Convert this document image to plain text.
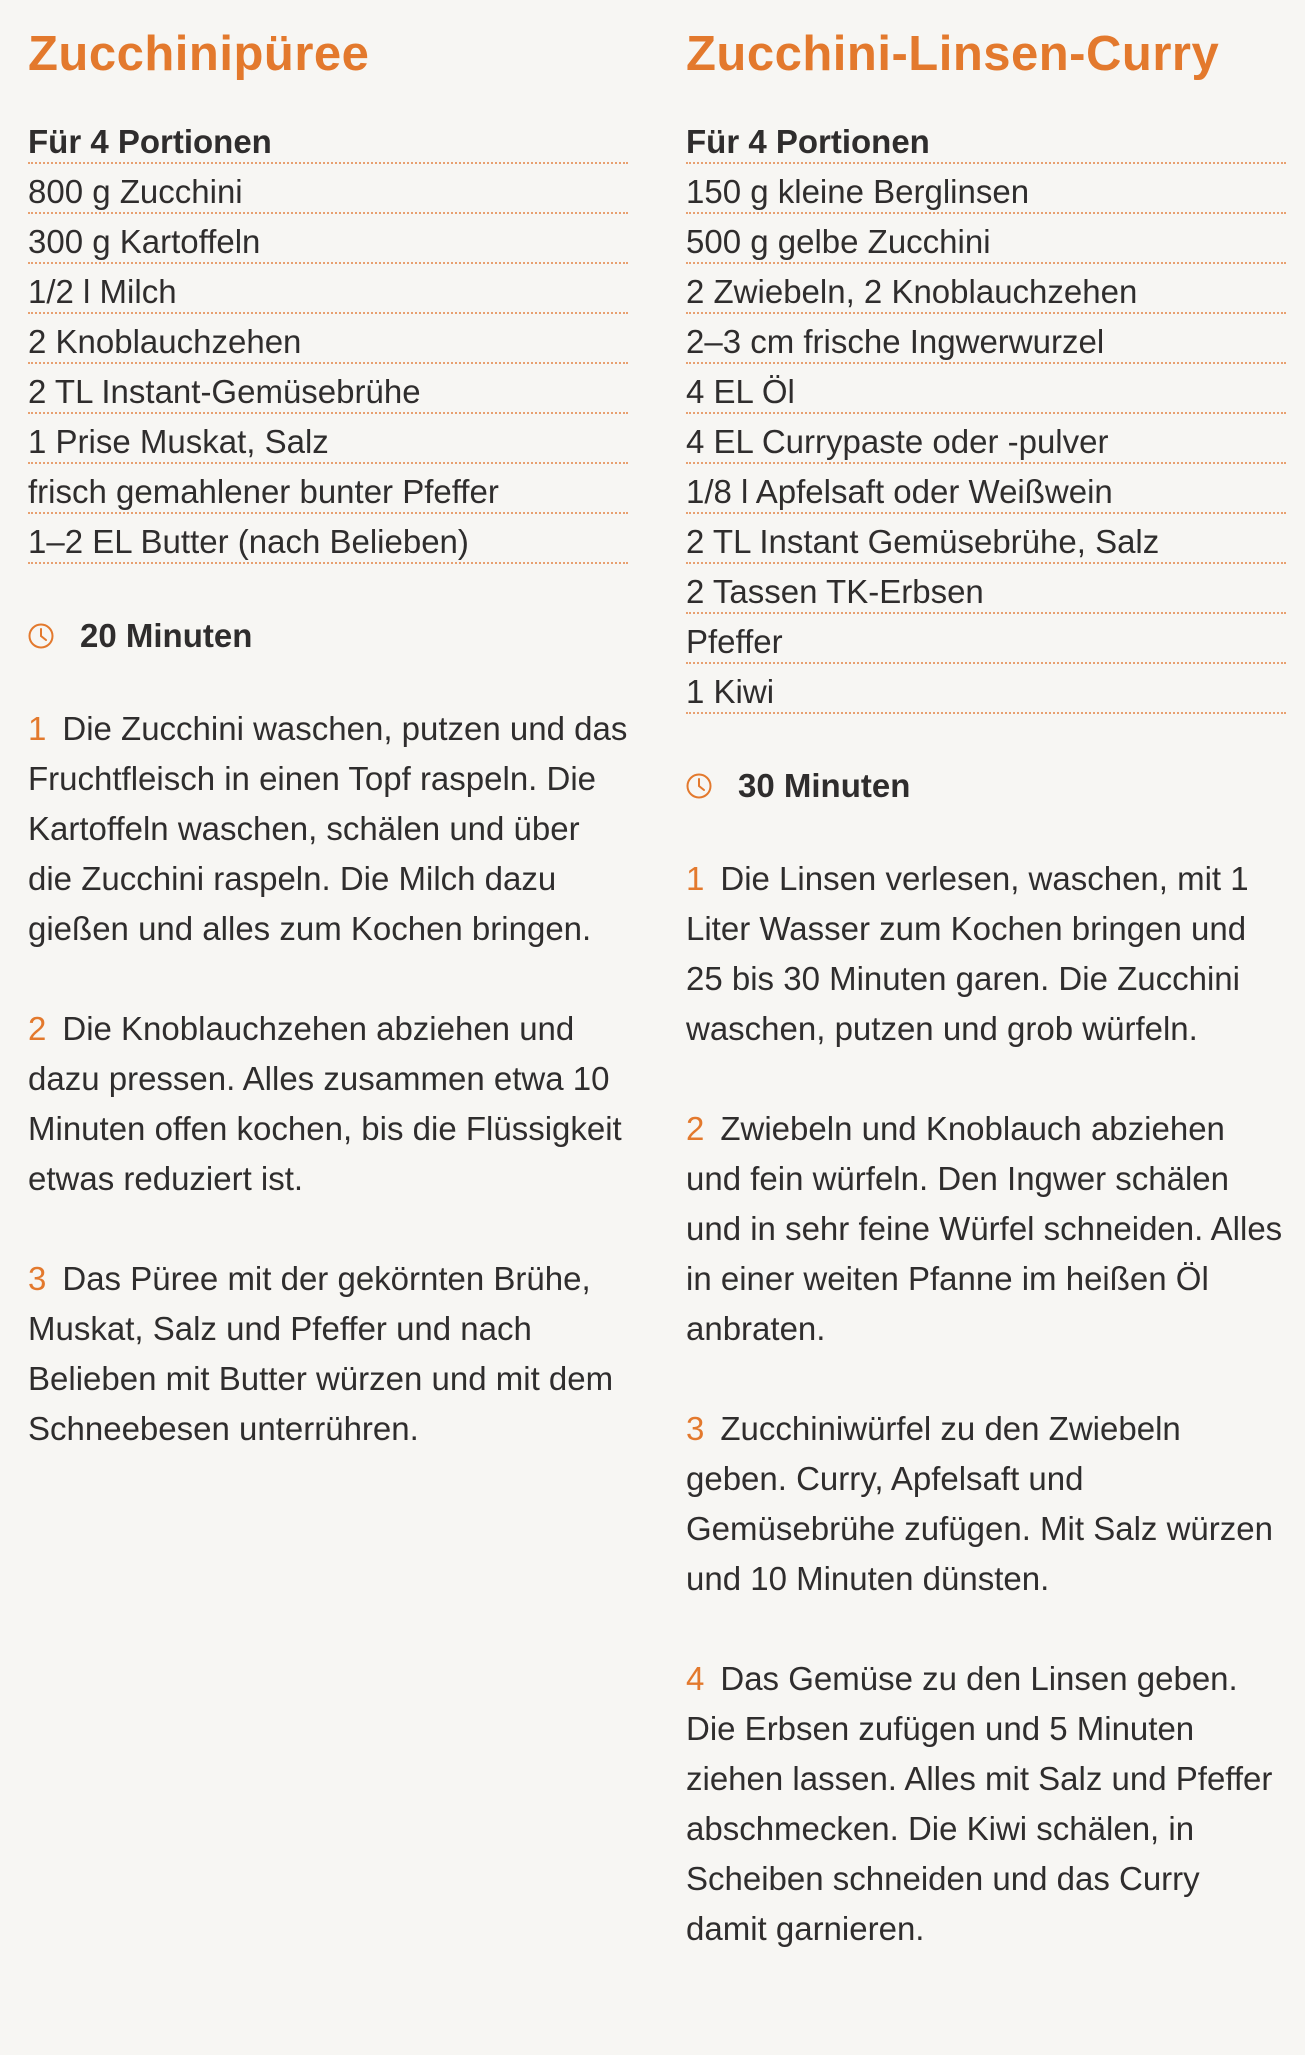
Zucchinipüree
Für 4 Portionen
800 g Zucchini
300 g Kartoffeln
1/2 l Milch
2 Knoblauchzehen
2 TL Instant-Gemüsebrühe
1 Prise Muskat, Salz
frisch gemahlener bunter Pfeffer
1–2 EL Butter (nach Belieben)
20 Minuten

1 Die Zucchini waschen, putzen und das Fruchtfleisch in einen Topf raspeln. Die Kartoffeln waschen, schälen und über die Zucchini raspeln. Die Milch dazu gießen und alles zum Kochen bringen.

2 Die Knoblauchzehen abziehen und dazu pressen. Alles zusammen etwa 10 Minuten offen kochen, bis die Flüssigkeit etwas reduziert ist.

3 Das Püree mit der gekörnten Brühe, Muskat, Salz und Pfeffer und nach Belieben mit Butter würzen und mit dem Schneebesen unterrühren.

Zucchini-Linsen-Curry
Für 4 Portionen
150 g kleine Berglinsen
500 g gelbe Zucchini
2 Zwiebeln, 2 Knoblauchzehen
2–3 cm frische Ingwerwurzel
4 EL Öl
4 EL Currypaste oder -pulver
1/8 l Apfelsaft oder Weißwein
2 TL Instant Gemüsebrühe, Salz
2 Tassen TK-Erbsen
Pfeffer
1 Kiwi
30 Minuten

1 Die Linsen verlesen, waschen, mit 1 Liter Wasser zum Kochen bringen und 25 bis 30 Minuten garen. Die Zucchini waschen, putzen und grob würfeln.

2 Zwiebeln und Knoblauch abziehen und fein würfeln. Den Ingwer schälen und in sehr feine Würfel schneiden. Alles in einer weiten Pfanne im heißen Öl anbraten.

3 Zucchiniwürfel zu den Zwiebeln geben. Curry, Apfelsaft und Gemüsebrühe zufügen. Mit Salz würzen und 10 Minuten dünsten.

4 Das Gemüse zu den Linsen geben. Die Erbsen zufügen und 5 Minuten ziehen lassen. Alles mit Salz und Pfeffer abschmecken. Die Kiwi schälen, in Scheiben schneiden und das Curry damit garnieren.
